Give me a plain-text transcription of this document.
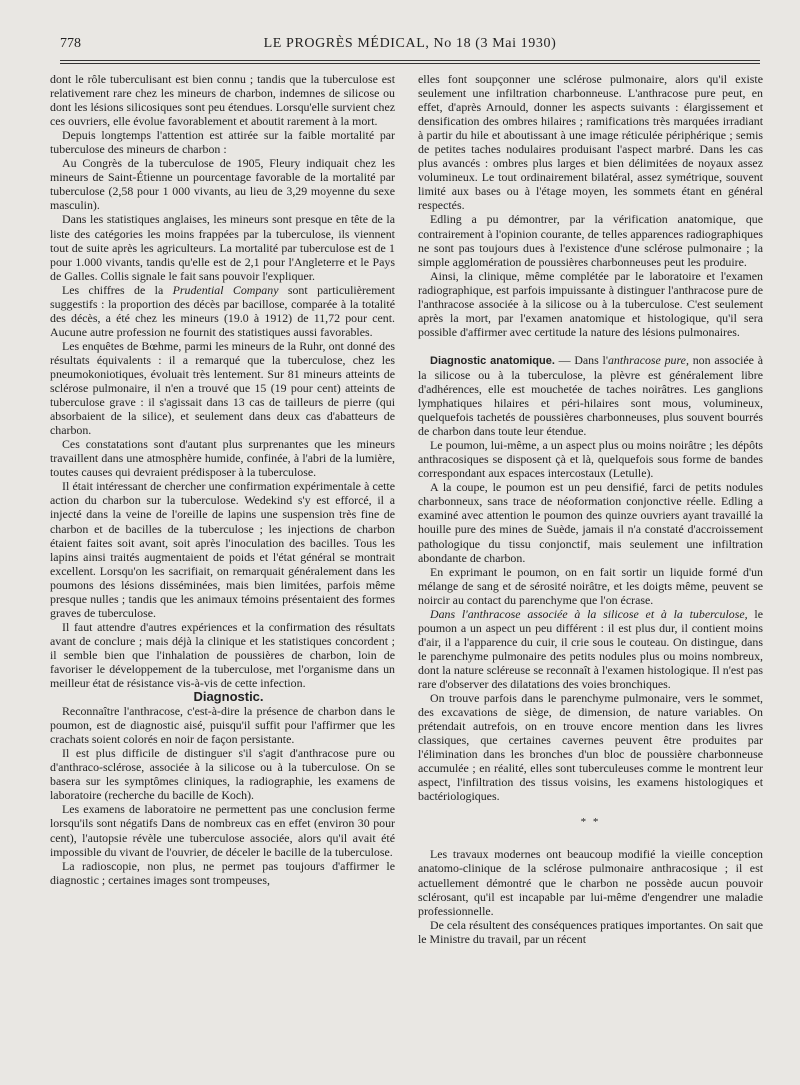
778	LE PROGRÈS MÉDICAL, No 18 (3 Mai 1930)

dont le rôle tuberculisant est bien connu ; tandis que la tuberculose est relativement rare chez les mineurs de charbon, indemnes de silicose ou dont les lésions silicosiques sont peu étendues. Lorsqu'elle survient chez ces ouvriers, elle évolue favorablement et aboutit rarement à la mort.

Depuis longtemps l'attention est attirée sur la faible mortalité par tuberculose des mineurs de charbon :

Au Congrès de la tuberculose de 1905, Fleury indiquait chez les mineurs de Saint-Étienne un pourcentage favorable de la mortalité par tuberculose (2,58 pour 1 000 vivants, au lieu de 3,29 moyenne du sexe masculin).

Dans les statistiques anglaises, les mineurs sont presque en tête de la liste des catégories les moins frappées par la tuberculose, ils viennent tout de suite après les agriculteurs. La mortalité par tuberculose est de 1 pour 1.000 vivants, tandis qu'elle est de 2,1 pour l'Angleterre et le Pays de Galles. Collis signale le fait sans pouvoir l'expliquer.

Les chiffres de la Prudential Company sont particulièrement suggestifs : la proportion des décès par bacillose, comparée à la totalité des décès, a été chez les mineurs (19.0 à 1912) de 11,72 pour cent. Aucune autre profession ne fournit des statistiques aussi favorables.

Les enquêtes de Bœhme, parmi les mineurs de la Ruhr, ont donné des résultats équivalents : il a remarqué que la tuberculose, chez les pneumokoniotiques, évoluait très lentement. Sur 81 mineurs atteints de sclérose pulmonaire, il n'en a trouvé que 15 (19 pour cent) atteints de tuberculose grave : il s'agissait dans 13 cas de tailleurs de pierre (qui absorbaient de la silice), et seulement dans deux cas d'abatteurs de charbon.

Ces constatations sont d'autant plus surprenantes que les mineurs travaillent dans une atmosphère humide, confinée, à l'abri de la lumière, toutes causes qui devraient prédisposer à la tuberculose.

Il était intéressant de chercher une confirmation expérimentale à cette action du charbon sur la tuberculose. Wedekind s'y est efforcé, il a injecté dans la veine de l'oreille de lapins une suspension très fine de charbon et de bacilles de la tuberculose ; les injections de charbon étaient faites soit avant, soit après l'inoculation des bacilles. Tous les lapins ainsi traités augmentaient de poids et l'état général se montrait excellent. Lorsqu'on les sacrifiait, on remarquait généralement dans les poumons des lésions disséminées, mais bien limitées, parfois même presque nulles ; tandis que les animaux témoins présentaient des formes graves de tuberculose.

Il faut attendre d'autres expériences et la confirmation des résultats avant de conclure ; mais déjà la clinique et les statistiques concordent ; il semble bien que l'inhalation de poussières de charbon, loin de favoriser le développement de la tuberculose, met l'organisme dans un meilleur état de résistance vis-à-vis de cette infection.

Diagnostic.

Reconnaître l'anthracose, c'est-à-dire la présence de charbon dans le poumon, est de diagnostic aisé, puisqu'il suffit pour l'affirmer que les crachats soient colorés en noir de façon persistante.

Il est plus difficile de distinguer s'il s'agit d'anthracose pure ou d'anthraco-sclérose, associée à la silicose ou à la tuberculose. On se basera sur les symptômes cliniques, la radiographie, les examens de laboratoire (recherche du bacille de Koch).

Les examens de laboratoire ne permettent pas une conclusion ferme lorsqu'ils sont négatifs Dans de nombreux cas en effet (environ 30 pour cent), l'autopsie révèle une tuberculose associée, alors qu'il avait été impossible du vivant de l'ouvrier, de déceler le bacille de la tuberculose.

La radioscopie, non plus, ne permet pas toujours d'affirmer le diagnostic ; certaines images sont trompeuses,

elles font soupçonner une sclérose pulmonaire, alors qu'il existe seulement une infiltration charbonneuse. L'anthracose pure peut, en effet, d'après Arnould, donner les aspects suivants : élargissement et densification des ombres hilaires ; ramifications très marquées irradiant à partir du hile et aboutissant à une image réticulée périphérique ; semis de petites taches nodulaires produisant l'aspect marbré. Dans les cas plus avancés : ombres plus larges et bien délimitées de noyaux assez volumineux. Le tout ordinairement bilatéral, assez symétrique, souvent limité aux bases ou à l'étage moyen, les sommets étant en général respectés.

Edling a pu démontrer, par la vérification anatomique, que contrairement à l'opinion courante, de telles apparences radiographiques ne sont pas toujours dues à l'existence d'une sclérose pulmonaire ; la simple agglomération de poussières charbonneuses peut les produire.

Ainsi, la clinique, même complétée par le laboratoire et l'examen radiographique, est parfois impuissante à distinguer l'anthracose pure de l'anthracose associée à la silicose ou à la tuberculose. C'est seulement après la mort, par l'examen anatomique et histologique, qu'il sera possible d'affirmer avec certitude la nature des lésions pulmonaires.

Diagnostic anatomique. — Dans l'anthracose pure, non associée à la silicose ou à la tuberculose, la plèvre est généralement libre d'adhérences, elle est mouchetée de taches noirâtres. Les ganglions lymphatiques hilaires et péri-hilaires sont mous, volumineux, quelquefois tachetés de poussières charbonneuses, plus souvent bourrés de charbon dans toute leur étendue.

Le poumon, lui-même, a un aspect plus ou moins noirâtre ; les dépôts anthracosiques se disposent çà et là, quelquefois sous forme de bandes correspondant aux espaces intercostaux (Letulle).

A la coupe, le poumon est un peu densifié, farci de petits nodules charbonneux, sans trace de néoformation conjonctive réelle. Edling a examiné avec attention le poumon des quinze ouvriers ayant travaillé la houille pure des mines de Suède, jamais il n'a constaté d'accroissement pathologique du tissu conjonctif, mais seulement une infiltration abondante de charbon.

En exprimant le poumon, on en fait sortir un liquide formé d'un mélange de sang et de sérosité noirâtre, et les doigts même, peuvent se noircir au contact du parenchyme que l'on écrase.

Dans l'anthracose associée à la silicose et à la tuberculose, le poumon a un aspect un peu différent : il est plus dur, il contient moins d'air, il a l'apparence du cuir, il crie sous le couteau. On distingue, dans le parenchyme pulmonaire des petits nodules plus ou moins nombreux, dont la nature scléreuse se reconnaît à l'examen histologique. Il n'est pas rare d'observer des dilatations des voies bronchiques.

On trouve parfois dans le parenchyme pulmonaire, vers le sommet, des excavations de siège, de dimension, de nature variables. On prétendait autrefois, on en trouve encore mention dans les livres classiques, que certaines cavernes peuvent être produites par l'élimination dans les bronches d'un bloc de poussière charbonneuse accumulée ; en réalité, elles sont tuberculeuses comme le montrent leur aspect, l'infiltration des tissus voisins, les examens histologiques et bactériologiques.

* *

Les travaux modernes ont beaucoup modifié la vieille conception anatomo-clinique de la sclérose pulmonaire anthracosique ; il est actuellement démontré que le charbon ne possède aucun pouvoir sclérosant, qu'il est incapable par lui-même d'engendrer une maladie professionnelle.

De cela résultent des conséquences pratiques importantes. On sait que le Ministre du travail, par un récent
